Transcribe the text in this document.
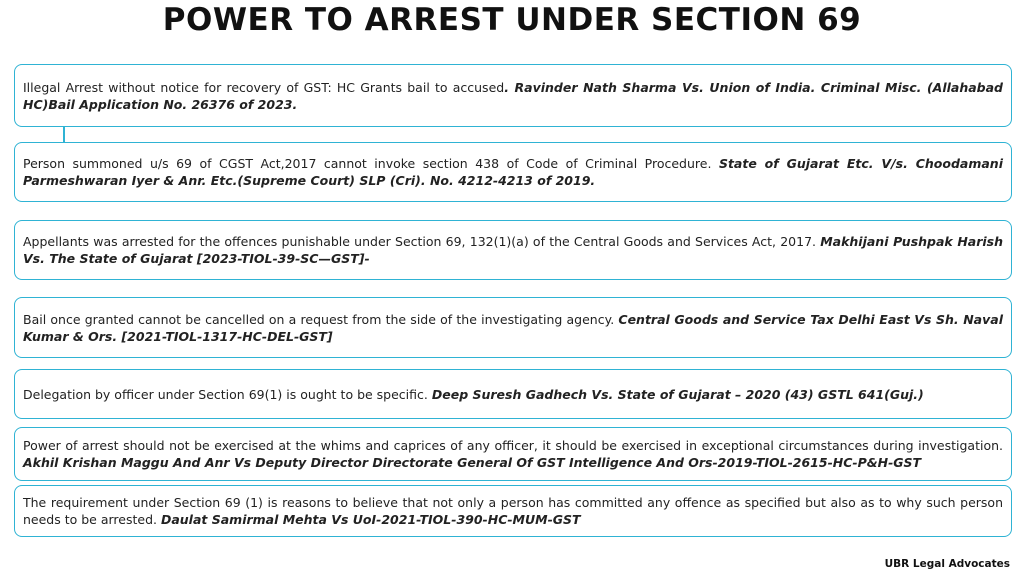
POWER TO ARREST UNDER SECTION 69

Illegal Arrest without notice for recovery of GST: HC Grants bail to accused. Ravinder Nath Sharma Vs. Union of India. Criminal Misc. (Allahabad HC)Bail Application No. 26376 of 2023.

Person summoned u/s 69 of CGST Act,2017 cannot invoke section 438 of Code of Criminal Procedure. State of Gujarat Etc. V/s. Choodamani Parmeshwaran Iyer & Anr. Etc.(Supreme Court) SLP (Cri). No. 4212-4213 of 2019.

Appellants was arrested for the offences punishable under Section 69, 132(1)(a) of the Central Goods and Services Act, 2017. Makhijani Pushpak Harish Vs. The State of Gujarat [2023-TIOL-39-SC—GST]-

Bail once granted cannot be cancelled on a request from the side of the investigating agency. Central Goods and Service Tax Delhi East Vs Sh. Naval Kumar & Ors. [2021-TIOL-1317-HC-DEL-GST]

Delegation by officer under Section 69(1) is ought to be specific. Deep Suresh Gadhech Vs. State of Gujarat – 2020 (43) GSTL 641(Guj.)

Power of arrest should not be exercised at the whims and caprices of any officer, it should be exercised in exceptional circumstances during investigation. Akhil Krishan Maggu And Anr Vs Deputy Director Directorate General Of GST Intelligence And Ors-2019-TIOL-2615-HC-P&H-GST

The requirement under Section 69 (1) is reasons to believe that not only a person has committed any offence as specified but also as to why such person needs to be arrested. Daulat Samirmal Mehta Vs UoI-2021-TIOL-390-HC-MUM-GST

UBR Legal Advocates
